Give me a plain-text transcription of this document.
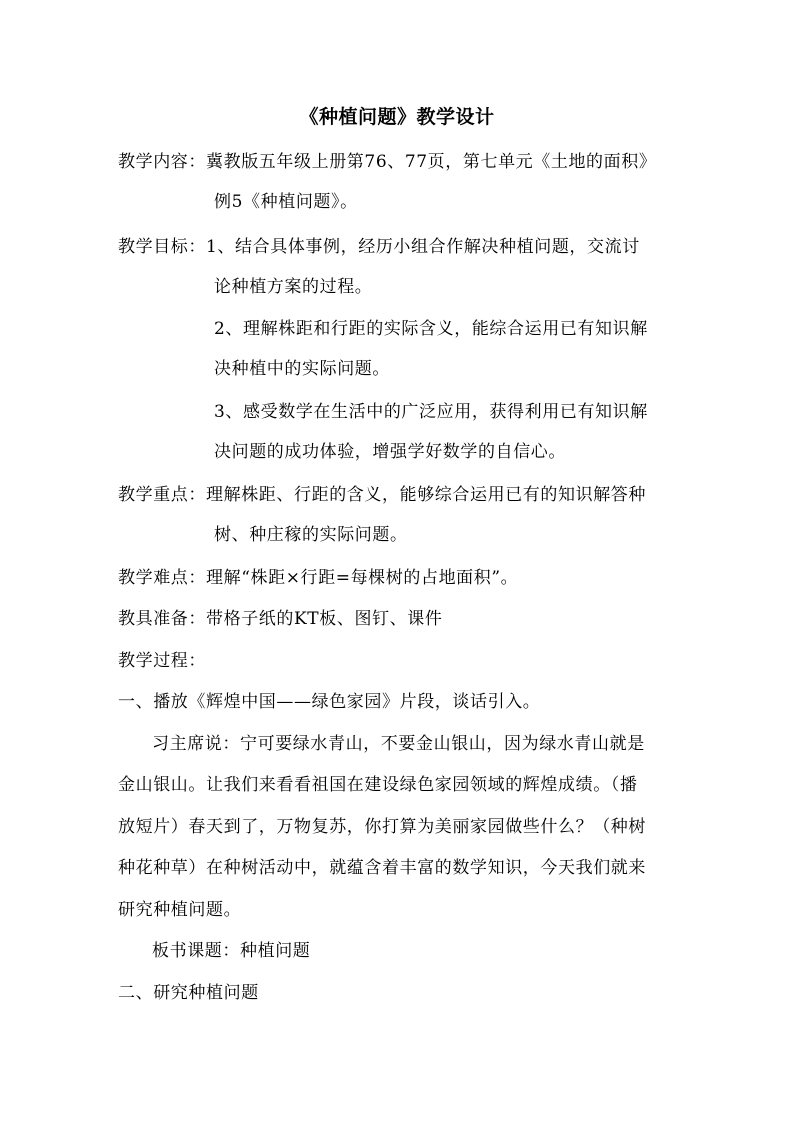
《种植问题》教学设计
教学内容：冀教版五年级上册第76、77页，第七单元《土地的面积》
例5《种植问题》。
教学目标：1、结合具体事例，经历小组合作解决种植问题，交流讨
论种植方案的过程。
2、理解株距和行距的实际含义，能综合运用已有知识解
决种植中的实际问题。
3、感受数学在生活中的广泛应用，获得利用已有知识解
决问题的成功体验，增强学好数学的自信心。
教学重点：理解株距、行距的含义，能够综合运用已有的知识解答种
树、种庄稼的实际问题。
教学难点：理解“株距×行距=每棵树的占地面积”。
教具准备：带格子纸的KT板、图钉、课件
教学过程：
一、播放《辉煌中国——绿色家园》片段，谈话引入。
习主席说：宁可要绿水青山，不要金山银山，因为绿水青山就是
金山银山。让我们来看看祖国在建设绿色家园领域的辉煌成绩。（播
放短片）春天到了，万物复苏，你打算为美丽家园做些什么？（种树
种花种草）在种树活动中，就蕴含着丰富的数学知识，今天我们就来
研究种植问题。
板书课题：种植问题
二、研究种植问题
